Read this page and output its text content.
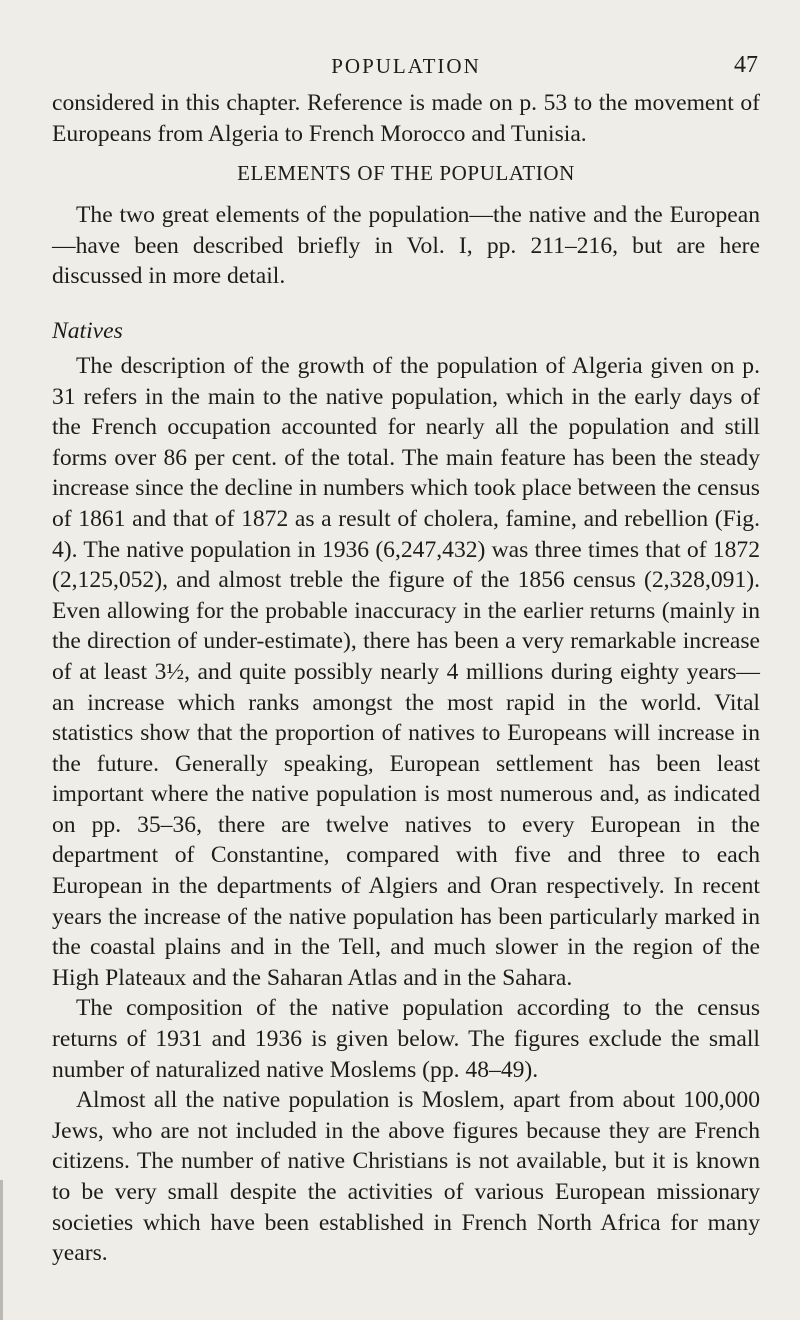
POPULATION	47

considered in this chapter. Reference is made on p. 53 to the movement of Europeans from Algeria to French Morocco and Tunisia.

ELEMENTS OF THE POPULATION

The two great elements of the population—the native and the European—have been described briefly in Vol. I, pp. 211–216, but are here discussed in more detail.

Natives

The description of the growth of the population of Algeria given on p. 31 refers in the main to the native population, which in the early days of the French occupation accounted for nearly all the population and still forms over 86 per cent. of the total. The main feature has been the steady increase since the decline in numbers which took place between the census of 1861 and that of 1872 as a result of cholera, famine, and rebellion (Fig. 4). The native population in 1936 (6,247,432) was three times that of 1872 (2,125,052), and almost treble the figure of the 1856 census (2,328,091). Even allowing for the probable inaccuracy in the earlier returns (mainly in the direction of under-estimate), there has been a very remarkable increase of at least 3½, and quite possibly nearly 4 millions during eighty years—an increase which ranks amongst the most rapid in the world. Vital statistics show that the proportion of natives to Europeans will increase in the future. Generally speaking, European settlement has been least important where the native population is most numerous and, as indicated on pp. 35–36, there are twelve natives to every European in the department of Constantine, compared with five and three to each European in the departments of Algiers and Oran respectively. In recent years the increase of the native population has been particularly marked in the coastal plains and in the Tell, and much slower in the region of the High Plateaux and the Saharan Atlas and in the Sahara.

The composition of the native population according to the census returns of 1931 and 1936 is given below. The figures exclude the small number of naturalized native Moslems (pp. 48–49).

Almost all the native population is Moslem, apart from about 100,000 Jews, who are not included in the above figures because they are French citizens. The number of native Christians is not available, but it is known to be very small despite the activities of various European missionary societies which have been established in French North Africa for many years.
